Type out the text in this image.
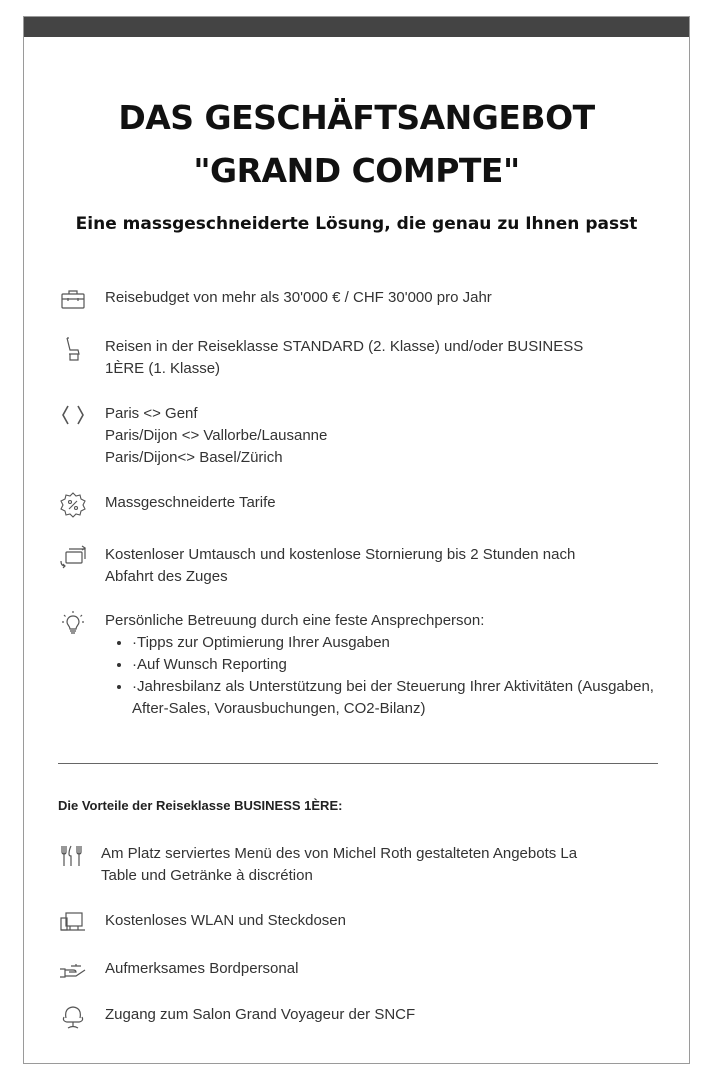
DAS GESCHÄFTSANGEBOT
"GRAND COMPTE"

Eine massgeschneiderte Lösung, die genau zu Ihnen passt

Reisebudget von mehr als 30'000 € / CHF 30'000 pro Jahr
Reisen in der Reiseklasse STANDARD (2. Klasse) und/oder BUSINESS
1ÈRE (1. Klasse)
Paris <> Genf
Paris/Dijon <> Vallorbe/Lausanne
Paris/Dijon<> Basel/Zürich
Massgeschneiderte Tarife
Kostenloser Umtausch und kostenlose Stornierung bis 2 Stunden nach
Abfahrt des Zuges
Persönliche Betreuung durch eine feste Ansprechperson:
• ·Tipps zur Optimierung Ihrer Ausgaben
• ·Auf Wunsch Reporting
• ·Jahresbilanz als Unterstützung bei der Steuerung Ihrer Aktivitäten (Ausgaben, After-Sales, Vorausbuchungen, CO2-Bilanz)
Die Vorteile der Reiseklasse BUSINESS 1ÈRE:
Am Platz serviertes Menü des von Michel Roth gestalteten Angebots La
Table und Getränke à discrétion
Kostenloses WLAN und Steckdosen
Aufmerksames Bordpersonal
Zugang zum Salon Grand Voyageur der SNCF
